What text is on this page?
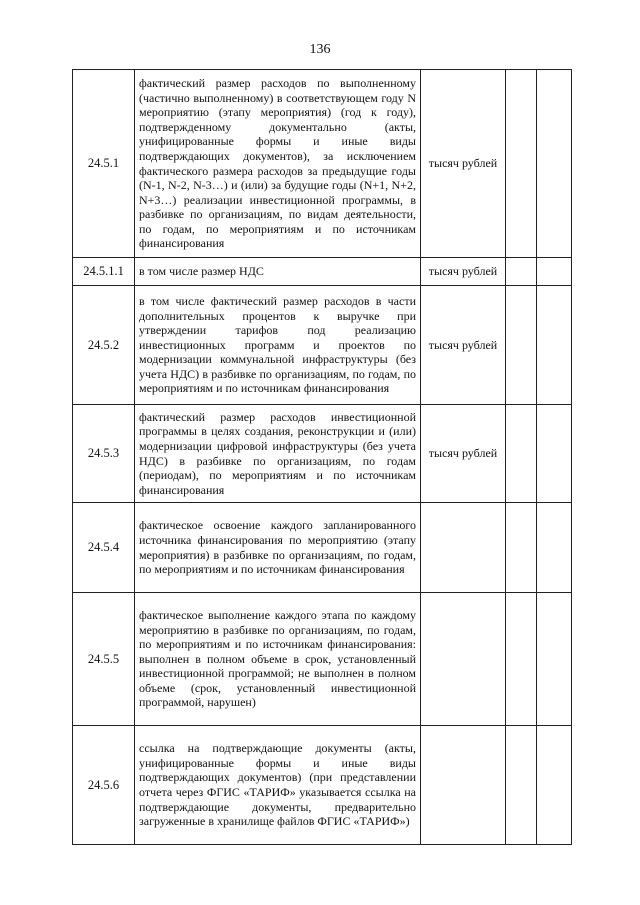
136
24.5.1	фактический размер расходов по выполненному (частично выполненному) в соответствующем году N мероприятию (этапу мероприятия) (год к году), подтвержденному документально (акты, унифицированные формы и иные виды подтверждающих документов), за исключением фактического размера расходов за предыдущие годы (N-1, N-2, N-3…) и (или) за будущие годы (N+1, N+2, N+3…) реализации инвестиционной программы, в разбивке по организациям, по видам деятельности, по годам, по мероприятиям и по источникам финансирования	тысяч рублей		
24.5.1.1	в том числе размер НДС	тысяч рублей		
24.5.2	в том числе фактический размер расходов в части дополнительных процентов к выручке при утверждении тарифов под реализацию инвестиционных программ и проектов по модернизации коммунальной инфраструктуры (без учета НДС) в разбивке по организациям, по годам, по мероприятиям и по источникам финансирования	тысяч рублей		
24.5.3	фактический размер расходов инвестиционной программы в целях создания, реконструкции и (или) модернизации цифровой инфраструктуры (без учета НДС) в разбивке по организациям, по годам (периодам), по мероприятиям и по источникам финансирования	тысяч рублей		
24.5.4	фактическое освоение каждого запланированного источника финансирования по мероприятию (этапу мероприятия) в разбивке по организациям, по годам, по мероприятиям и по источникам финансирования			
24.5.5	фактическое выполнение каждого этапа по каждому мероприятию в разбивке по организациям, по годам, по мероприятиям и по источникам финансирования: выполнен в полном объеме в срок, установленный инвестиционной программой; не выполнен в полном объеме (срок, установленный инвестиционной программой, нарушен)			
24.5.6	ссылка на подтверждающие документы (акты, унифицированные формы и иные виды подтверждающих документов) (при представлении отчета через ФГИС «ТАРИФ» указывается ссылка на подтверждающие документы, предварительно загруженные в хранилище файлов ФГИС «ТАРИФ»)			
